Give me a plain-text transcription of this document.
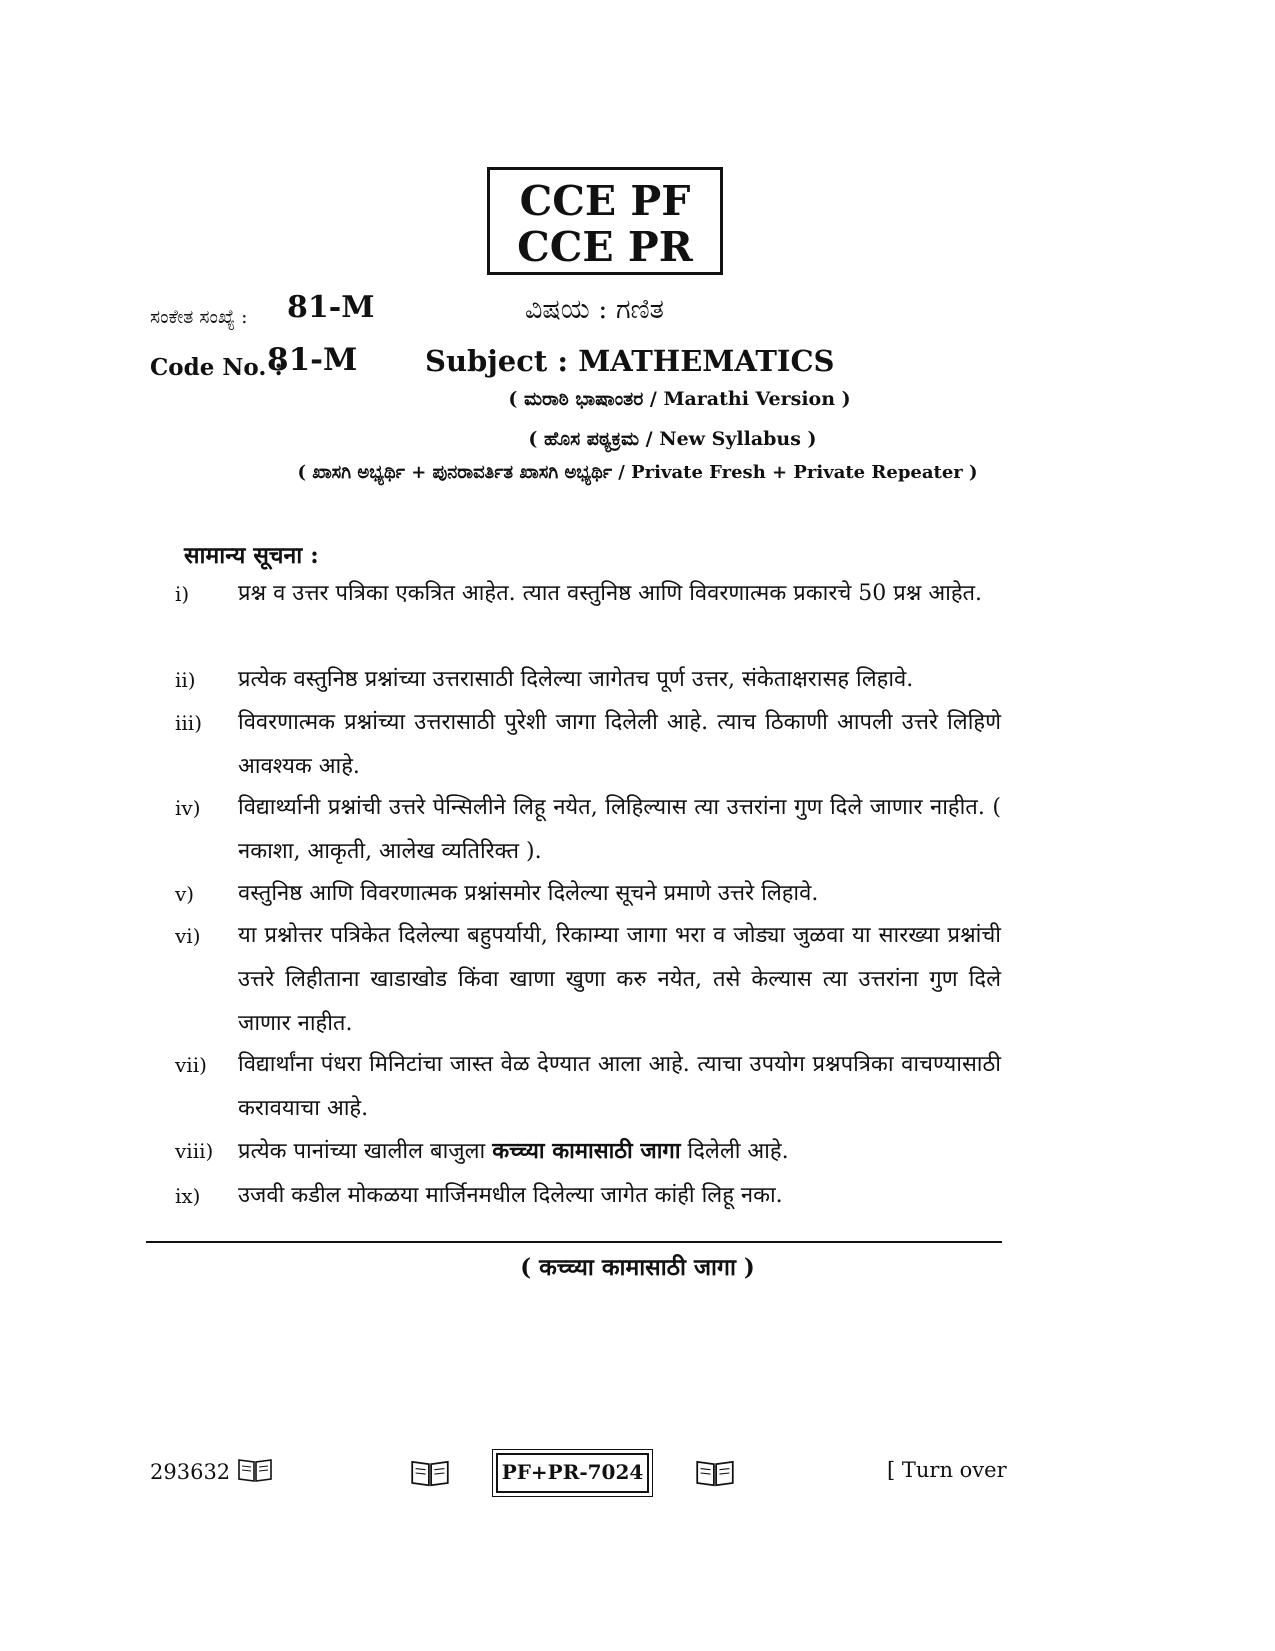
CCE PF
CCE PR
ಸಂಕೇತ ಸಂಖ್ಯೆ : 81-M	ವಿಷಯ : ಗಣಿತ
Code No. :
81-M Subject : MATHEMATICS
( ಮರಾಠಿ ಭಾಷಾಂತರ / Marathi Version )
( ಹೊಸ ಪಠ್ಯಕ್ರಮ / New Syllabus )
( ಖಾಸಗಿ ಅಭ್ಯರ್ಥಿ + ಪುನರಾವರ್ತಿತ ಖಾಸಗಿ ಅಭ್ಯರ್ಥಿ / Private Fresh + Private Repeater )
सामान्य सूचना :
i)	प्रश्न व उत्तर पत्रिका एकत्रित आहेत. त्यात वस्तुनिष्ठ आणि विवरणात्मक प्रकारचे 50 प्रश्न आहेत.
ii)	प्रत्येक वस्तुनिष्ठ प्रश्नांच्या उत्तरासाठी दिलेल्या जागेतच पूर्ण उत्तर, संकेताक्षरासह लिहावे.
iii)	विवरणात्मक प्रश्नांच्या उत्तरासाठी पुरेशी जागा दिलेली आहे. त्याच ठिकाणी आपली उत्तरे लिहिणे आवश्यक आहे.
iv)	विद्यार्थ्यानी प्रश्नांची उत्तरे पेन्सिलीने लिहू नयेत, लिहिल्यास त्या उत्तरांना गुण दिले जाणार नाहीत. ( नकाशा, आकृती, आलेख व्यतिरिक्त ).
v)	वस्तुनिष्ठ आणि विवरणात्मक प्रश्नांसमोर दिलेल्या सूचने प्रमाणे उत्तरे लिहावे.
vi)	या प्रश्नोत्तर पत्रिकेत दिलेल्या बहुपर्यायी, रिकाम्या जागा भरा व जोड्या जुळवा या सारख्या प्रश्नांची उत्तरे लिहीताना खाडाखोड किंवा खाणा खुणा करु नयेत, तसे केल्यास त्या उत्तरांना गुण दिले जाणार नाहीत.
vii)	विद्यार्थांना पंधरा मिनिटांचा जास्त वेळ देण्यात आला आहे. त्याचा उपयोग प्रश्नपत्रिका वाचण्यासाठी करावयाचा आहे.
viii)	प्रत्येक पानांच्या खालील बाजुला कच्च्या कामासाठी जागा दिलेली आहे.
ix)	उजवी कडील मोकळया मार्जिनमधील दिलेल्या जागेत कांही लिहू नका.
( कच्च्या कामासाठी जागा )
293632	PF+PR-7024	[ Turn over
